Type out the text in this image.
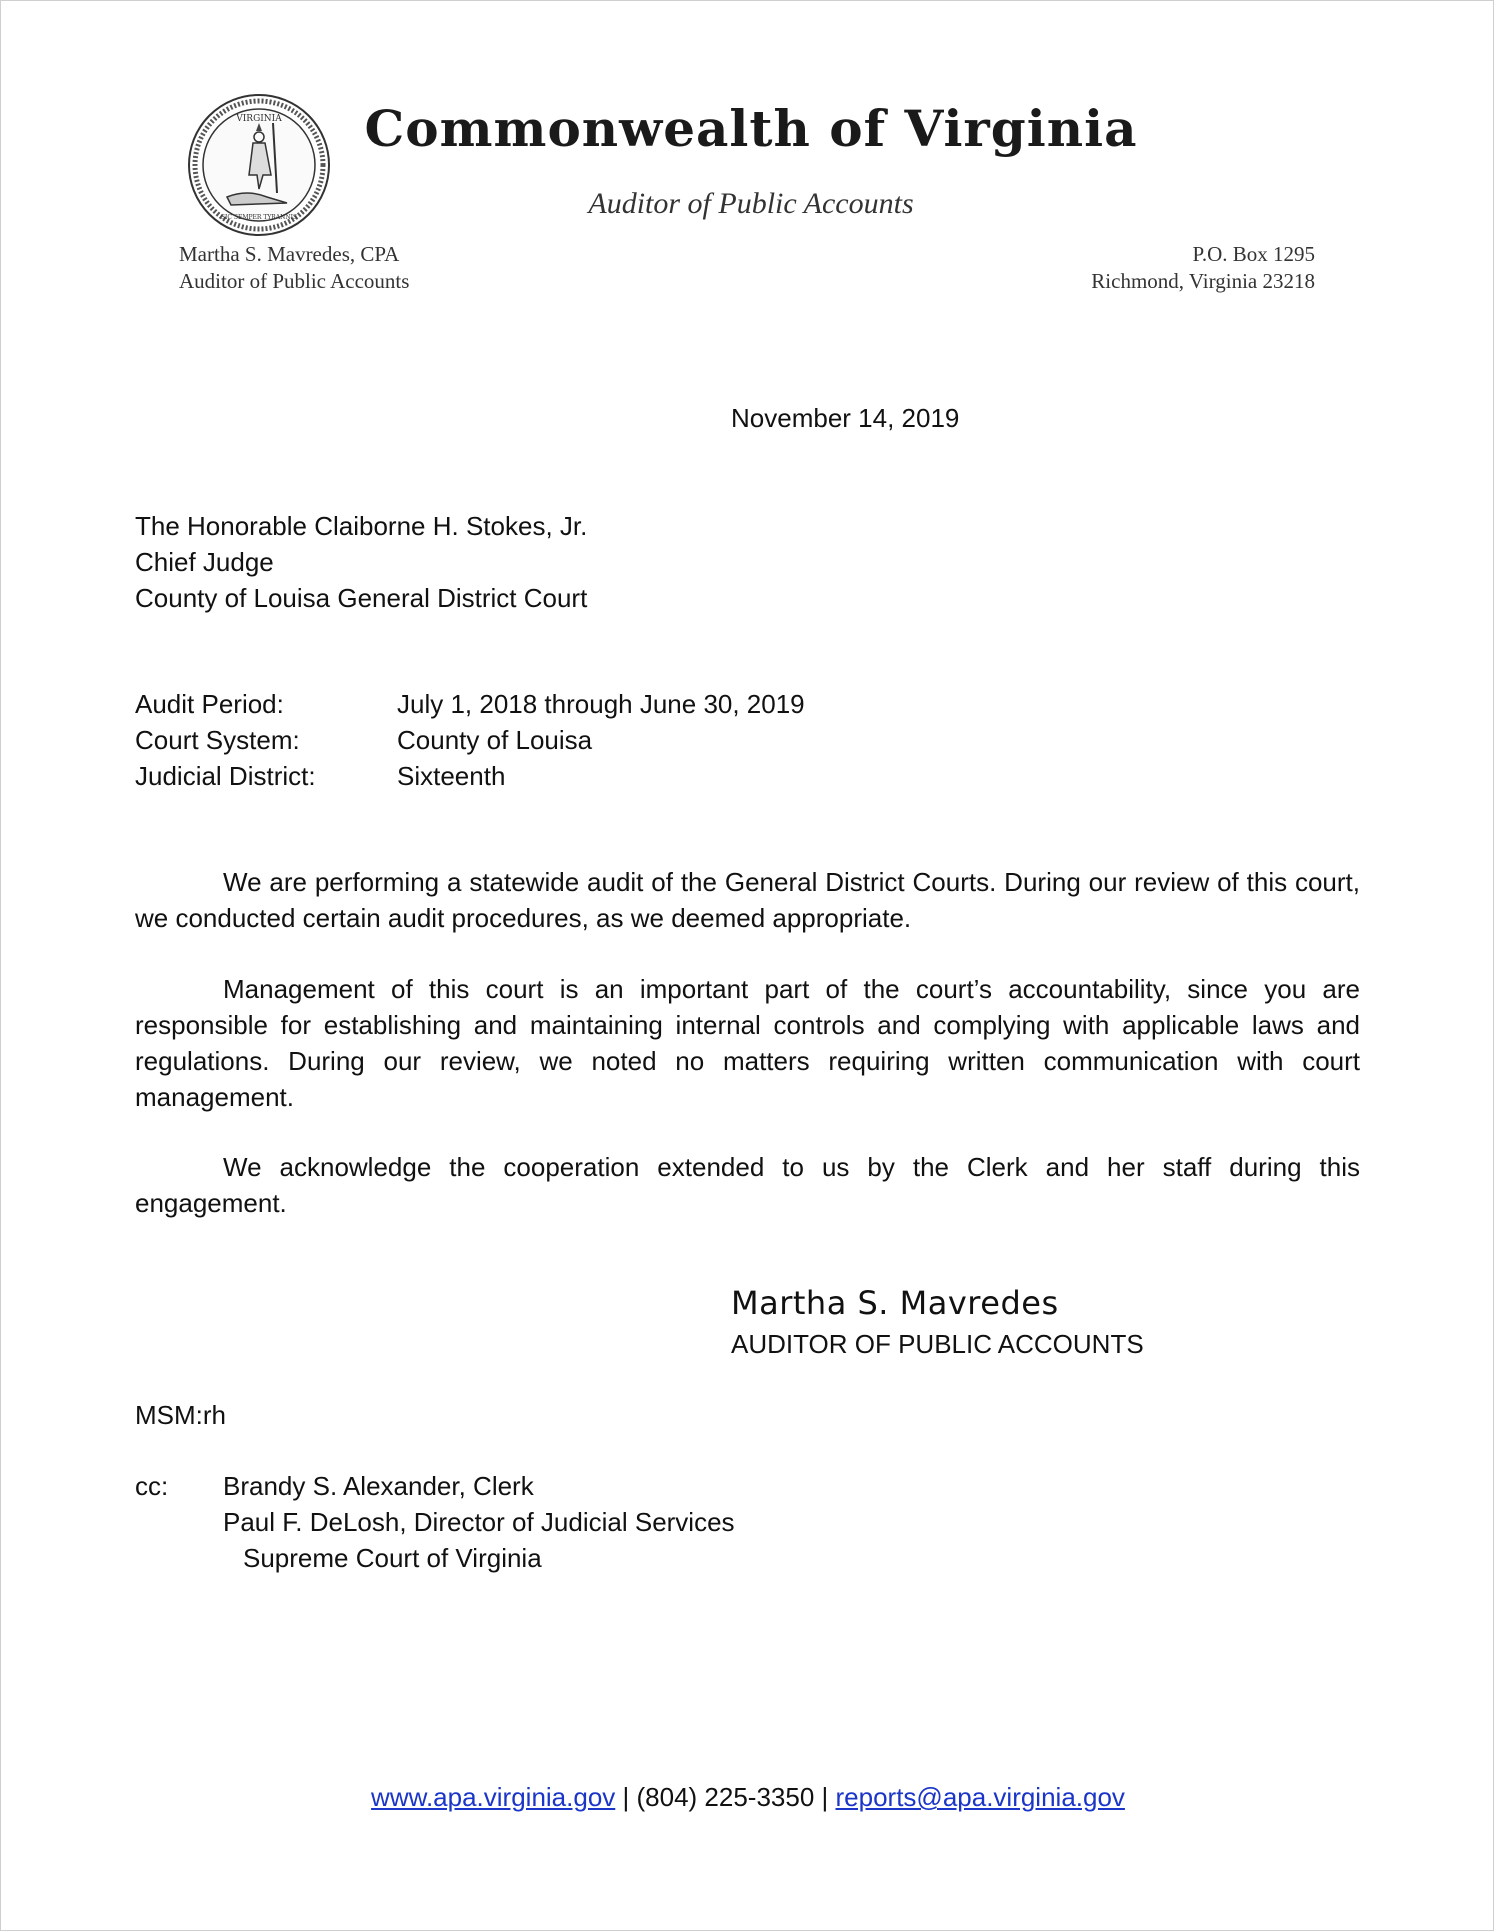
VIRGINIA
SIC SEMPER TYRANNIS
Commonwealth of Virginia
Auditor of Public Accounts
Martha S. Mavredes, CPA
Auditor of Public Accounts
P.O. Box 1295
Richmond, Virginia 23218
November 14, 2019
The Honorable Claiborne H. Stokes, Jr.
Chief Judge
County of Louisa General District Court
Audit Period:	July 1, 2018 through June 30, 2019
Court System:	County of Louisa
Judicial District:	Sixteenth
We are performing a statewide audit of the General District Courts. During our review of this court, we conducted certain audit procedures, as we deemed appropriate.
Management of this court is an important part of the court’s accountability, since you are responsible for establishing and maintaining internal controls and complying with applicable laws and regulations. During our review, we noted no matters requiring written communication with court management.
We acknowledge the cooperation extended to us by the Clerk and her staff during this engagement.
Martha S. Mavredes
AUDITOR OF PUBLIC ACCOUNTS
MSM:rh
cc: Brandy S. Alexander, Clerk
Paul F. DeLosh, Director of Judicial Services
Supreme Court of Virginia
www.apa.virginia.gov | (804) 225-3350 | reports@apa.virginia.gov
